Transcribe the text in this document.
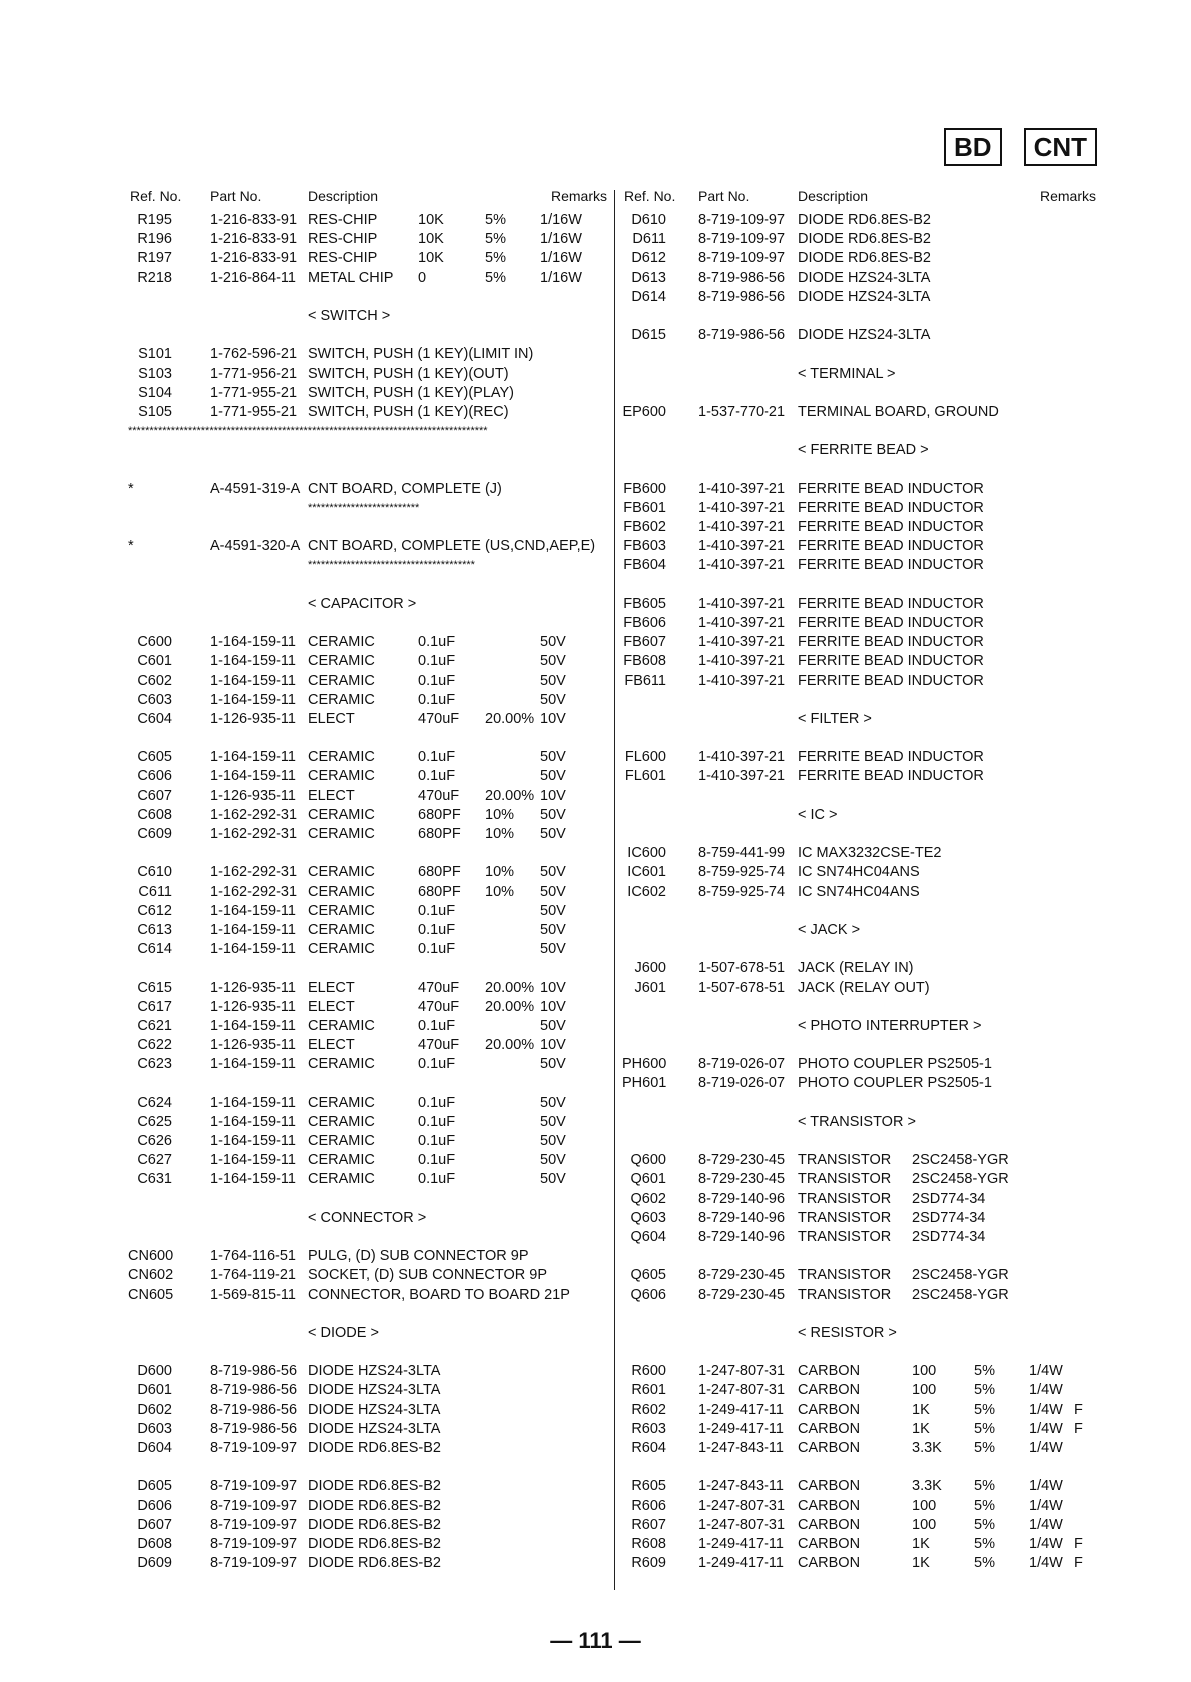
BD	CNT
Ref. No. Part No.	Description	Remarks
R195	1-216-833-91 RES-CHIP	10K	5% 1/16W
R196	1-216-833-91 RES-CHIP	10K	5% 1/16W
R197	1-216-833-91 RES-CHIP	10K	5% 1/16W
R218	1-216-864-11 METAL CHIP 0	5% 1/16W
< SWITCH >
S101	1-762-596-21 SWITCH, PUSH (1 KEY)(LIMIT IN)
S103	1-771-956-21 SWITCH, PUSH (1 KEY)(OUT)
S104	1-771-955-21 SWITCH, PUSH (1 KEY)(PLAY)
S105	1-771-955-21 SWITCH, PUSH (1 KEY)(REC)
************************************************************************************
*	A-4591-319-A CNT BOARD, COMPLETE (J)
**************************
*	A-4591-320-A CNT BOARD, COMPLETE (US,CND,AEP,E)
***************************************
< CAPACITOR >
C600	1-164-159-11 CERAMIC	0.1uF	50V
C601	1-164-159-11 CERAMIC	0.1uF	50V
C602	1-164-159-11 CERAMIC	0.1uF	50V
C603	1-164-159-11 CERAMIC	0.1uF	50V
C604	1-126-935-11 ELECT	470uF 20.00% 10V
C605	1-164-159-11 CERAMIC	0.1uF	50V
C606	1-164-159-11 CERAMIC	0.1uF	50V
C607	1-126-935-11 ELECT	470uF 20.00% 10V
C608	1-162-292-31 CERAMIC	680PF 10% 50V
C609	1-162-292-31 CERAMIC	680PF 10% 50V
C610	1-162-292-31 CERAMIC	680PF 10% 50V
C611	1-162-292-31 CERAMIC	680PF 10% 50V
C612	1-164-159-11 CERAMIC	0.1uF	50V
C613	1-164-159-11 CERAMIC	0.1uF	50V
C614	1-164-159-11 CERAMIC	0.1uF	50V
C615	1-126-935-11 ELECT	470uF 20.00% 10V
C617	1-126-935-11 ELECT	470uF 20.00% 10V
C621	1-164-159-11 CERAMIC	0.1uF	50V
C622	1-126-935-11 ELECT	470uF 20.00% 10V
C623	1-164-159-11 CERAMIC	0.1uF	50V
C624	1-164-159-11 CERAMIC	0.1uF	50V
C625	1-164-159-11 CERAMIC	0.1uF	50V
C626	1-164-159-11 CERAMIC	0.1uF	50V
C627	1-164-159-11 CERAMIC	0.1uF	50V
C631	1-164-159-11 CERAMIC	0.1uF	50V
< CONNECTOR >
CN600	1-764-116-51 PULG, (D) SUB CONNECTOR 9P
CN602	1-764-119-21 SOCKET, (D) SUB CONNECTOR 9P
CN605	1-569-815-11 CONNECTOR, BOARD TO BOARD 21P
< DIODE >
D600	8-719-986-56 DIODE HZS24-3LTA
D601	8-719-986-56 DIODE HZS24-3LTA
D602	8-719-986-56 DIODE HZS24-3LTA
D603	8-719-986-56 DIODE HZS24-3LTA
D604	8-719-109-97 DIODE RD6.8ES-B2
D605	8-719-109-97 DIODE RD6.8ES-B2
D606	8-719-109-97 DIODE RD6.8ES-B2
D607	8-719-109-97 DIODE RD6.8ES-B2
D608	8-719-109-97 DIODE RD6.8ES-B2
D609	8-719-109-97 DIODE RD6.8ES-B2
Ref. No. Part No.	Description	Remarks
D610 8-719-109-97 DIODE RD6.8ES-B2
D611 8-719-109-97 DIODE RD6.8ES-B2
D612 8-719-109-97 DIODE RD6.8ES-B2
D613 8-719-986-56 DIODE HZS24-3LTA
D614 8-719-986-56 DIODE HZS24-3LTA
D615 8-719-986-56 DIODE HZS24-3LTA
< TERMINAL >
EP600 1-537-770-21 TERMINAL BOARD, GROUND
< FERRITE BEAD >
FB600 1-410-397-21 FERRITE BEAD INDUCTOR
FB601 1-410-397-21 FERRITE BEAD INDUCTOR
FB602 1-410-397-21 FERRITE BEAD INDUCTOR
FB603 1-410-397-21 FERRITE BEAD INDUCTOR
FB604 1-410-397-21 FERRITE BEAD INDUCTOR
FB605 1-410-397-21 FERRITE BEAD INDUCTOR
FB606 1-410-397-21 FERRITE BEAD INDUCTOR
FB607 1-410-397-21 FERRITE BEAD INDUCTOR
FB608 1-410-397-21 FERRITE BEAD INDUCTOR
FB611 1-410-397-21 FERRITE BEAD INDUCTOR
< FILTER >
FL600 1-410-397-21 FERRITE BEAD INDUCTOR
FL601 1-410-397-21 FERRITE BEAD INDUCTOR
< IC >
IC600 8-759-441-99 IC MAX3232CSE-TE2
IC601 8-759-925-74 IC SN74HC04ANS
IC602 8-759-925-74 IC SN74HC04ANS
< JACK >
J600 1-507-678-51 JACK (RELAY IN)
J601 1-507-678-51 JACK (RELAY OUT)
< PHOTO INTERRUPTER >
PH600 8-719-026-07 PHOTO COUPLER PS2505-1
PH601 8-719-026-07 PHOTO COUPLER PS2505-1
< TRANSISTOR >
Q600 8-729-230-45 TRANSISTOR 2SC2458-YGR
Q601 8-729-230-45 TRANSISTOR 2SC2458-YGR
Q602 8-729-140-96 TRANSISTOR 2SD774-34
Q603 8-729-140-96 TRANSISTOR 2SD774-34
Q604 8-729-140-96 TRANSISTOR 2SD774-34
Q605 8-729-230-45 TRANSISTOR 2SC2458-YGR
Q606 8-729-230-45 TRANSISTOR 2SC2458-YGR
< RESISTOR >
R600 1-247-807-31 CARBON	100	5% 1/4W
R601 1-247-807-31 CARBON	100	5% 1/4W
R602 1-249-417-11 CARBON	1K	5% 1/4W F
R603 1-249-417-11 CARBON	1K	5% 1/4W F
R604 1-247-843-11 CARBON	3.3K 5% 1/4W
R605 1-247-843-11 CARBON	3.3K 5% 1/4W
R606 1-247-807-31 CARBON	100	5% 1/4W
R607 1-247-807-31 CARBON	100	5% 1/4W
R608 1-249-417-11 CARBON	1K	5% 1/4W F
R609 1-249-417-11 CARBON	1K	5% 1/4W F
— 111 —
